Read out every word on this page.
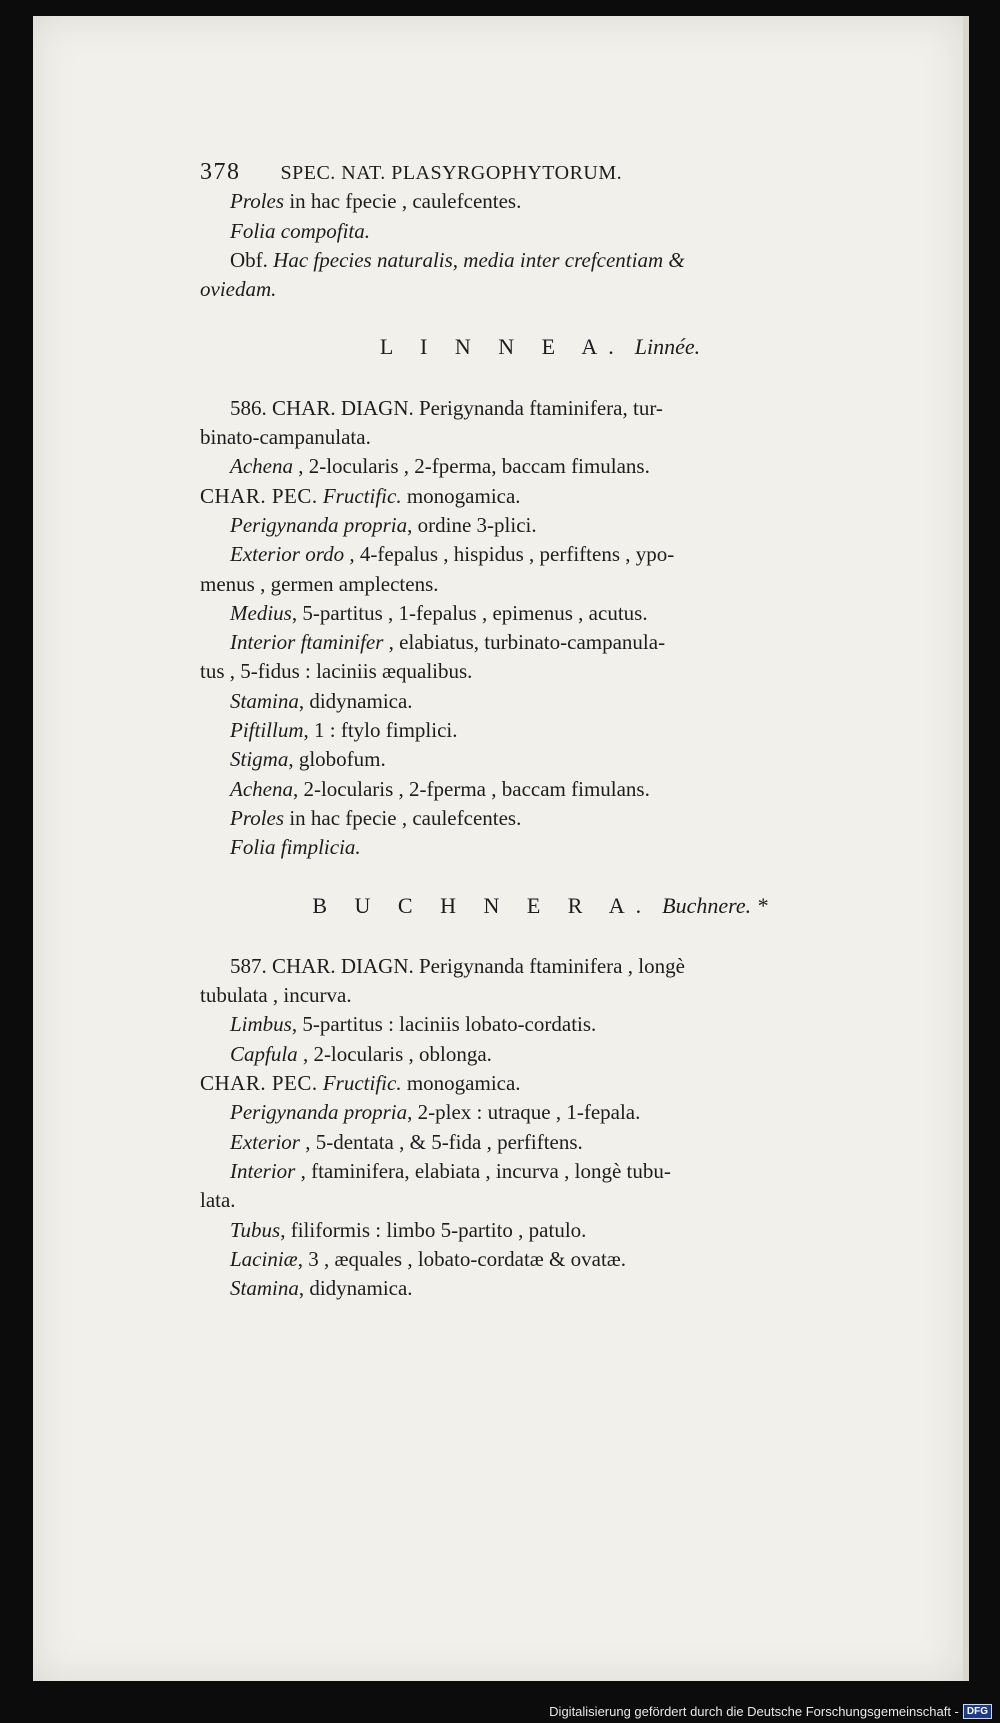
378 SPEC. NAT. PLASYRGOPHYTORUM.
Proles in hac fpecie , caulefcentes.
Folia compofita.
Obf. Hac fpecies naturalis, media inter crefcentiam &
oviedam.
L I N N E A. Linnée.
586. CHAR. DIAGN. Perigynanda ftaminifera, tur-
binato-campanulata.
Achena , 2-locularis , 2-fperma, baccam fimulans.
CHAR. PEC. Fructific. monogamica.
Perigynanda propria, ordine 3-plici.
Exterior ordo , 4-fepalus , hispidus , perfiftens , ypo-
menus , germen amplectens.
Medius, 5-partitus , 1-fepalus , epimenus , acutus.
Interior ftaminifer , elabiatus, turbinato-campanula-
tus , 5-fidus : laciniis æqualibus.
Stamina, didynamica.
Piftillum, 1 : ftylo fimplici.
Stigma, globofum.
Achena, 2-locularis , 2-fperma , baccam fimulans.
Proles in hac fpecie , caulefcentes.
Folia fimplicia.
B U C H N E R A. Buchnere. *
587. CHAR. DIAGN. Perigynanda ftaminifera , longè
tubulata , incurva.
Limbus, 5-partitus : laciniis lobato-cordatis.
Capfula , 2-locularis , oblonga.
CHAR. PEC. Fructific. monogamica.
Perigynanda propria, 2-plex : utraque , 1-fepala.
Exterior , 5-dentata , & 5-fida , perfiftens.
Interior , ftaminifera, elabiata , incurva , longè tubu-
lata.
Tubus, filiformis : limbo 5-partito , patulo.
Laciniæ, 3 , æquales , lobato-cordatæ & ovatæ.
Stamina, didynamica.
Digitalisierung gefördert durch die Deutsche Forschungsgemeinschaft - DFG
